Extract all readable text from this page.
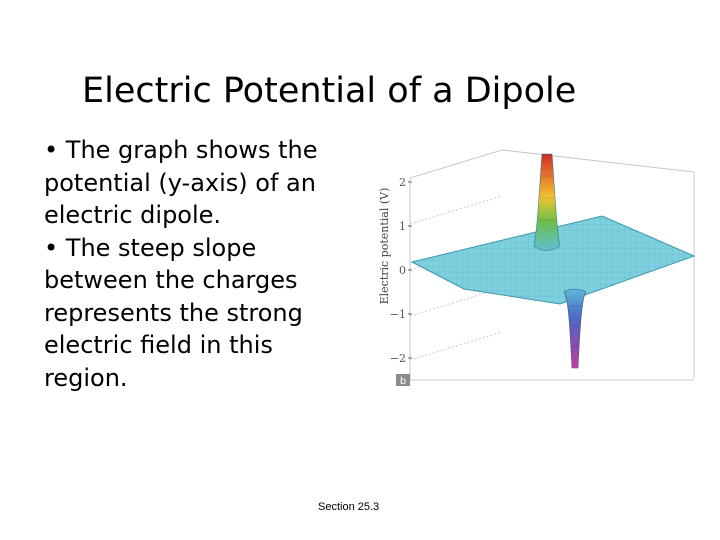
Electric Potential of a Dipole

• The graph shows the potential (y-axis) of an electric dipole.

• The steep slope between the charges represents the strong electric field in this region.

Electric potential (V)
2
1
0
−1
−2
b
Section 25.3
